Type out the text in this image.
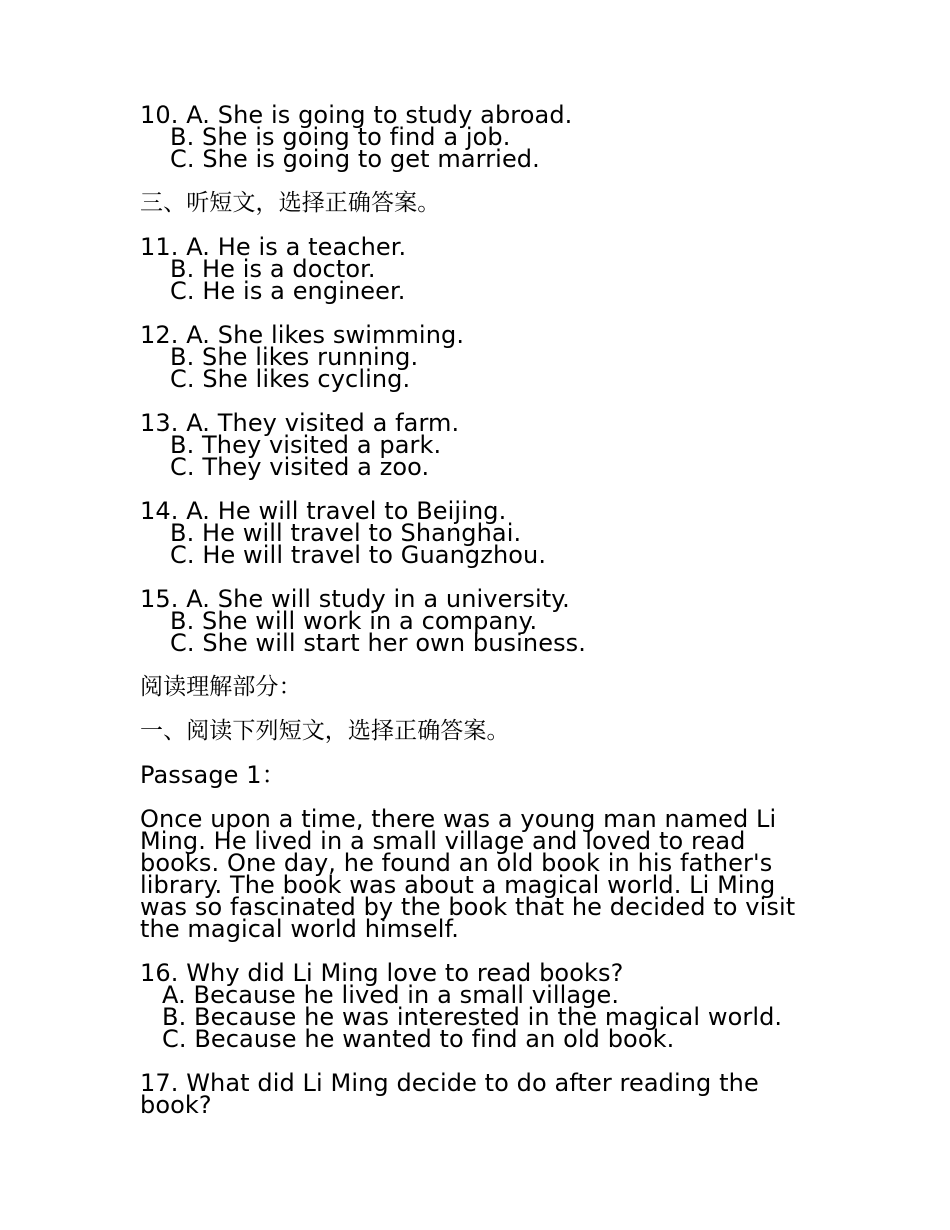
10. A. She is going to study abroad.
B. She is going to find a job.
C. She is going to get married.
三、听短文，选择正确答案。
11. A. He is a teacher.
B. He is a doctor.
C. He is a engineer.
12. A. She likes swimming.
B. She likes running.
C. She likes cycling.
13. A. They visited a farm.
B. They visited a park.
C. They visited a zoo.
14. A. He will travel to Beijing.
B. He will travel to Shanghai.
C. He will travel to Guangzhou.
15. A. She will study in a university.
B. She will work in a company.
C. She will start her own business.
阅读理解部分：
一、阅读下列短文，选择正确答案。
Passage 1：
Once upon a time, there was a young man named Li
Ming. He lived in a small village and loved to read
books. One day, he found an old book in his father's
library. The book was about a magical world. Li Ming
was so fascinated by the book that he decided to visit
the magical world himself.
16. Why did Li Ming love to read books?
A. Because he lived in a small village.
B. Because he was interested in the magical world.
C. Because he wanted to find an old book.
17. What did Li Ming decide to do after reading the
book?
